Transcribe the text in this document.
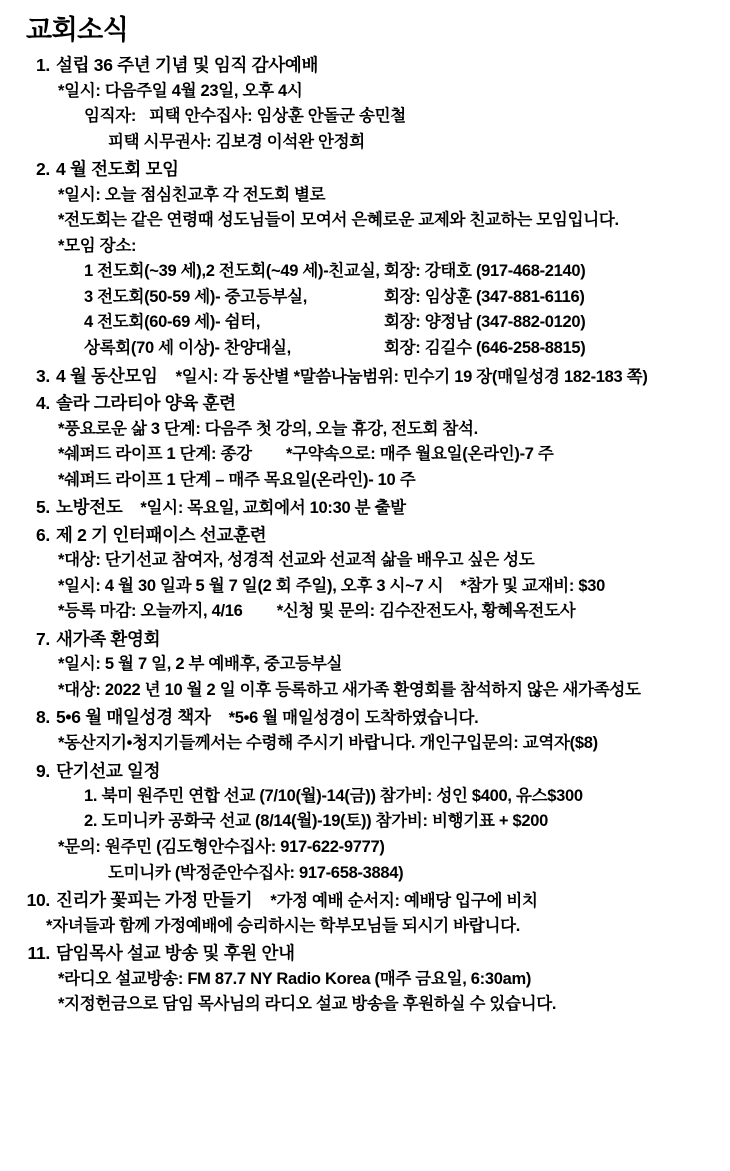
교회소식
1. 설립 36 주년 기념 및 임직 감사예배
*일시: 다음주일 4월 23일, 오후 4시
임직자:   피택 안수집사: 임상훈 안돌군 송민철
피택 시무권사: 김보경 이석완 안정희
2. 4 월 전도회 모임
*일시: 오늘 점심친교후 각 전도회 별로
*전도회는 같은 연령때 성도님들이 모여서 은혜로운 교제와 친교하는 모임입니다.
*모임 장소:
1 전도회(~39 세),2 전도회(~49 세)-친교실, 회장: 강태호 (917-468-2140)
3 전도회(50-59 세)- 중고등부실,	회장: 임상훈 (347-881-6116)
4 전도회(60-69 세)- 쉼터,	회장: 양정남 (347-882-0120)
상록회(70 세 이상)- 찬양대실,	회장: 김길수 (646-258-8815)
3. 4 월 동산모임 *일시: 각 동산별 *말씀나눔범위: 민수기 19 장(매일성경 182-183 쪽)
4. 솔라 그라티아 양육 훈련
*풍요로운 삶 3 단계: 다음주 첫 강의, 오늘 휴강, 전도회 참석.
*쉐퍼드 라이프 1 단계: 종강        *구약속으로: 매주 월요일(온라인)-7 주
*쉐퍼드 라이프 1 단계 – 매주 목요일(온라인)- 10 주
5. 노방전도 *일시: 목요일, 교회에서 10:30 분 출발
6. 제 2 기 인터패이스 선교훈련
*대상: 단기선교 참여자, 성경적 선교와 선교적 삶을 배우고 싶은 성도
*일시: 4 월 30 일과 5 월 7 일(2 회 주일), 오후 3 시~7 시    *참가 및 교재비: $30
*등록 마감: 오늘까지, 4/16        *신청 및 문의: 김수잔전도사, 황혜옥전도사
7. 새가족 환영회
*일시: 5 월 7 일, 2 부 예배후, 중고등부실
*대상: 2022 년 10 월 2 일 이후 등록하고 새가족 환영회를 참석하지 않은 새가족성도
8. 5•6 월 매일성경 책자 *5•6 월 매일성경이 도착하였습니다.
*동산지기•청지기들께서는 수령해 주시기 바랍니다. 개인구입문의: 교역자($8)
9. 단기선교 일정
1. 북미 원주민 연합 선교 (7/10(월)-14(금)) 참가비: 성인 $400, 유스$300
2. 도미니카 공화국 선교 (8/14(월)-19(토)) 참가비: 비행기표 + $200
*문의: 원주민 (김도형안수집사: 917-622-9777)
도미니카 (박정준안수집사: 917-658-3884)
10. 진리가 꽃피는 가정 만들기 *가정 예배 순서지: 예배당 입구에 비치
*자녀들과 함께 가정예배에 승리하시는 학부모님들 되시기 바랍니다.
11. 담임목사 설교 방송 및 후원 안내
*라디오 설교방송: FM 87.7 NY Radio Korea (매주 금요일, 6:30am)
*지정헌금으로 담임 목사님의 라디오 설교 방송을 후원하실 수 있습니다.
